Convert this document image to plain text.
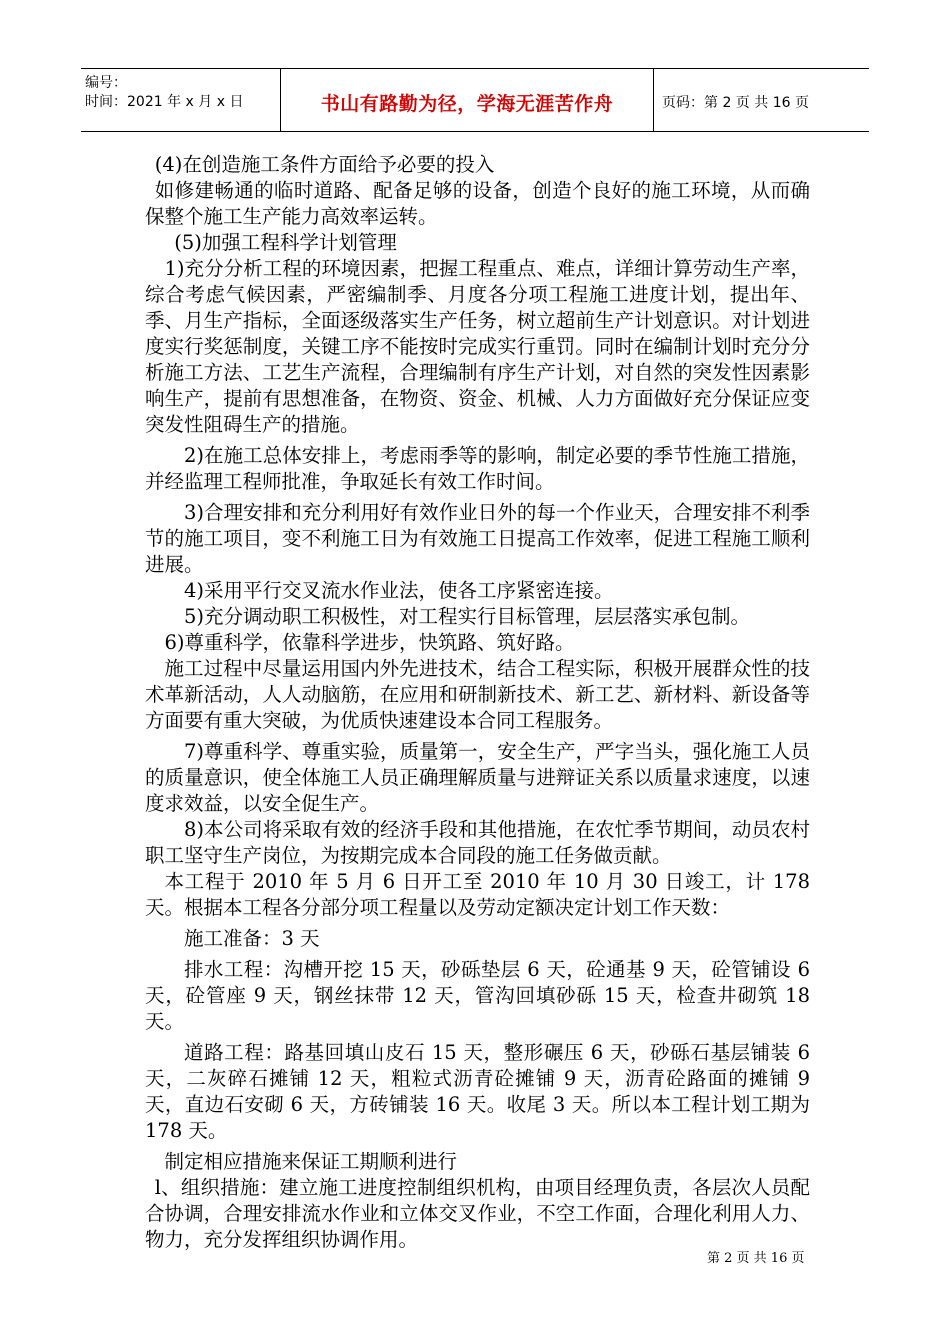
编号：
时间：2021 年 x 月 x 日	书山有路勤为径，学海无涯苦作舟	页码：第 2 页 共 16 页

(4)在创造施工条件方面给予必要的投入

如修建畅通的临时道路、配备足够的设备，创造个良好的施工环境，从而确保整个施工生产能力高效率运转。

(5)加强工程科学计划管理

1)充分分析工程的环境因素，把握工程重点、难点，详细计算劳动生产率，综合考虑气候因素，严密编制季、月度各分项工程施工进度计划，提出年、季、月生产指标，全面逐级落实生产任务，树立超前生产计划意识。对计划进度实行奖惩制度，关键工序不能按时完成实行重罚。同时在编制计划时充分分析施工方法、工艺生产流程，合理编制有序生产计划，对自然的突发性因素影响生产，提前有思想准备，在物资、资金、机械、人力方面做好充分保证应变突发性阻碍生产的措施。

2)在施工总体安排上，考虑雨季等的影响，制定必要的季节性施工措施，并经监理工程师批准，争取延长有效工作时间。

3)合理安排和充分利用好有效作业日外的每一个作业天，合理安排不利季节的施工项目，变不利施工日为有效施工日提高工作效率，促进工程施工顺利进展。

4)采用平行交叉流水作业法，使各工序紧密连接。

5)充分调动职工积极性，对工程实行目标管理，层层落实承包制。

6)尊重科学，依靠科学进步，快筑路、筑好路。

施工过程中尽量运用国内外先进技术，结合工程实际，积极开展群众性的技术革新活动，人人动脑筋，在应用和研制新技术、新工艺、新材料、新设备等方面要有重大突破，为优质快速建设本合同工程服务。

7)尊重科学、尊重实验，质量第一，安全生产，严字当头，强化施工人员的质量意识，使全体施工人员正确理解质量与进辩证关系以质量求速度，以速度求效益，以安全促生产。

8)本公司将采取有效的经济手段和其他措施，在农忙季节期间，动员农村职工坚守生产岗位，为按期完成本合同段的施工任务做贡献。

本工程于 2010 年 5 月 6 日开工至 2010 年 10 月 30 日竣工，计 178 天。根据本工程各分部分项工程量以及劳动定额决定计划工作天数：

施工准备：3 天

排水工程：沟槽开挖 15 天，砂砾垫层 6 天，砼通基 9 天，砼管铺设 6 天，砼管座 9 天，钢丝抹带 12 天，管沟回填砂砾 15 天，检查井砌筑 18 天。

道路工程：路基回填山皮石 15 天，整形碾压 6 天，砂砾石基层铺装 6 天，二灰碎石摊铺 12 天，粗粒式沥青砼摊铺 9 天，沥青砼路面的摊铺 9 天，直边石安砌 6 天，方砖铺装 16 天。收尾 3 天。所以本工程计划工期为 178 天。

制定相应措施来保证工期顺利进行

l、组织措施：建立施工进度控制组织机构，由项目经理负责，各层次人员配合协调，合理安排流水作业和立体交叉作业，不空工作面，合理化利用人力、物力，充分发挥组织协调作用。

第 2 页 共 16 页
